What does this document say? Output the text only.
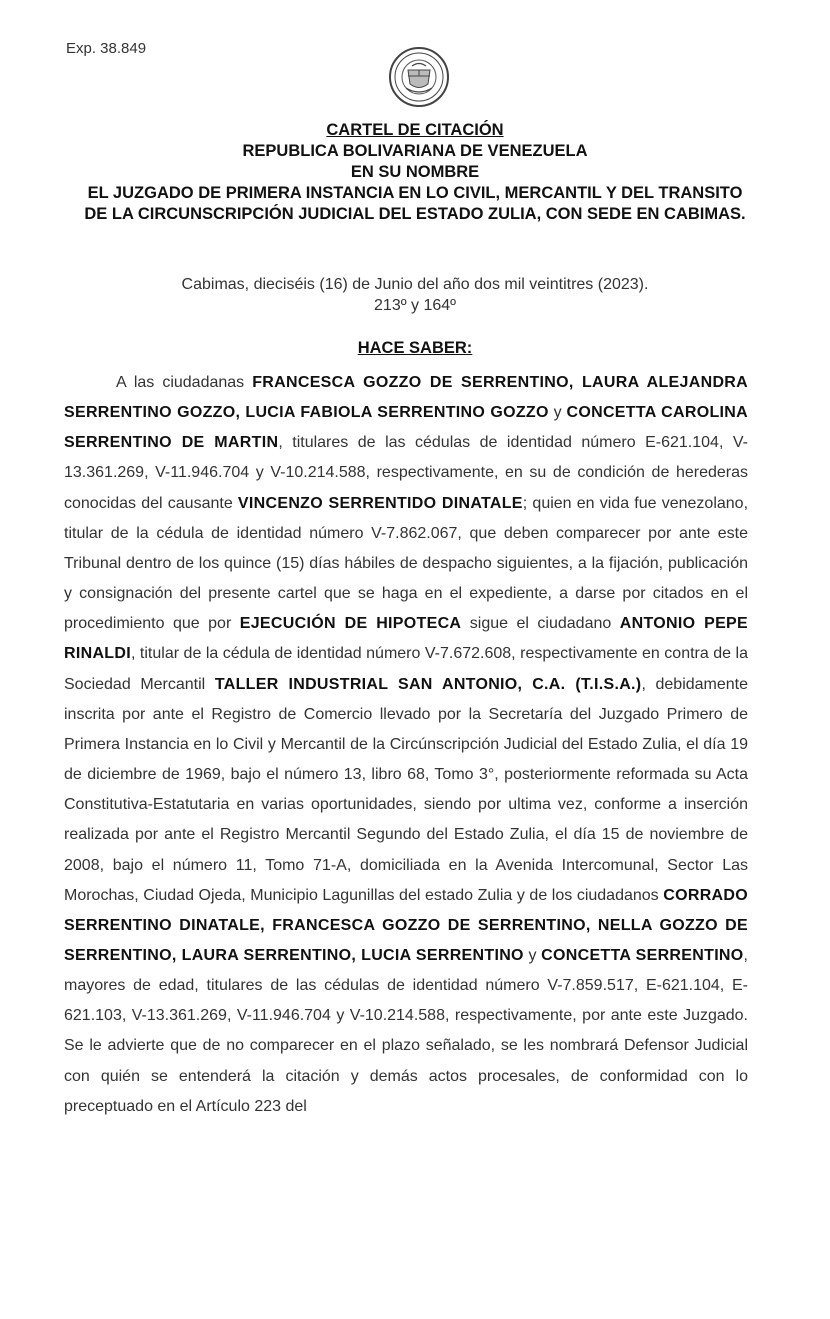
Exp. 38.849
CARTEL DE CITACIÓN
REPUBLICA BOLIVARIANA DE VENEZUELA
EN SU NOMBRE
EL JUZGADO DE PRIMERA INSTANCIA EN LO CIVIL, MERCANTIL Y DEL TRANSITO DE LA CIRCUNSCRIPCIÓN JUDICIAL DEL ESTADO ZULIA, CON SEDE EN CABIMAS.
Cabimas, dieciséis (16) de Junio del año dos mil veintitres (2023).
213º y 164º
HACE SABER:
A las ciudadanas FRANCESCA GOZZO DE SERRENTINO, LAURA ALEJANDRA SERRENTINO GOZZO, LUCIA FABIOLA SERRENTINO GOZZO y CONCETTA CAROLINA SERRENTINO DE MARTIN, titulares de las cédulas de identidad número E-621.104, V-13.361.269, V-11.946.704 y V-10.214.588, respectivamente, en su de condición de herederas conocidas del causante VINCENZO SERRENTIDO DINATALE; quien en vida fue venezolano, titular de la cédula de identidad número V-7.862.067, que deben comparecer por ante este Tribunal dentro de los quince (15) días hábiles de despacho siguientes, a la fijación, publicación y consignación del presente cartel que se haga en el expediente, a darse por citados en el procedimiento que por EJECUCIÓN DE HIPOTECA sigue el ciudadano ANTONIO PEPE RINALDI, titular de la cédula de identidad número V-7.672.608, respectivamente en contra de la Sociedad Mercantil TALLER INDUSTRIAL SAN ANTONIO, C.A. (T.I.S.A.), debidamente inscrita por ante el Registro de Comercio llevado por la Secretaría del Juzgado Primero de Primera Instancia en lo Civil y Mercantil de la Circúnscripción Judicial del Estado Zulia, el día 19 de diciembre de 1969, bajo el número 13, libro 68, Tomo 3°, posteriormente reformada su Acta Constitutiva-Estatutaria en varias oportunidades, siendo por ultima vez, conforme a inserción realizada por ante el Registro Mercantil Segundo del Estado Zulia, el día 15 de noviembre de 2008, bajo el número 11, Tomo 71-A, domiciliada en la Avenida Intercomunal, Sector Las Morochas, Ciudad Ojeda, Municipio Lagunillas del estado Zulia y de los ciudadanos CORRADO SERRENTINO DINATALE, FRANCESCA GOZZO DE SERRENTINO, NELLA GOZZO DE SERRENTINO, LAURA SERRENTINO, LUCIA SERRENTINO y CONCETTA SERRENTINO, mayores de edad, titulares de las cédulas de identidad número V-7.859.517, E-621.104, E-621.103, V-13.361.269, V-11.946.704 y V-10.214.588, respectivamente, por ante este Juzgado. Se le advierte que de no comparecer en el plazo señalado, se les nombrará Defensor Judicial con quién se entenderá la citación y demás actos procesales, de conformidad con lo preceptuado en el Artículo 223 del
